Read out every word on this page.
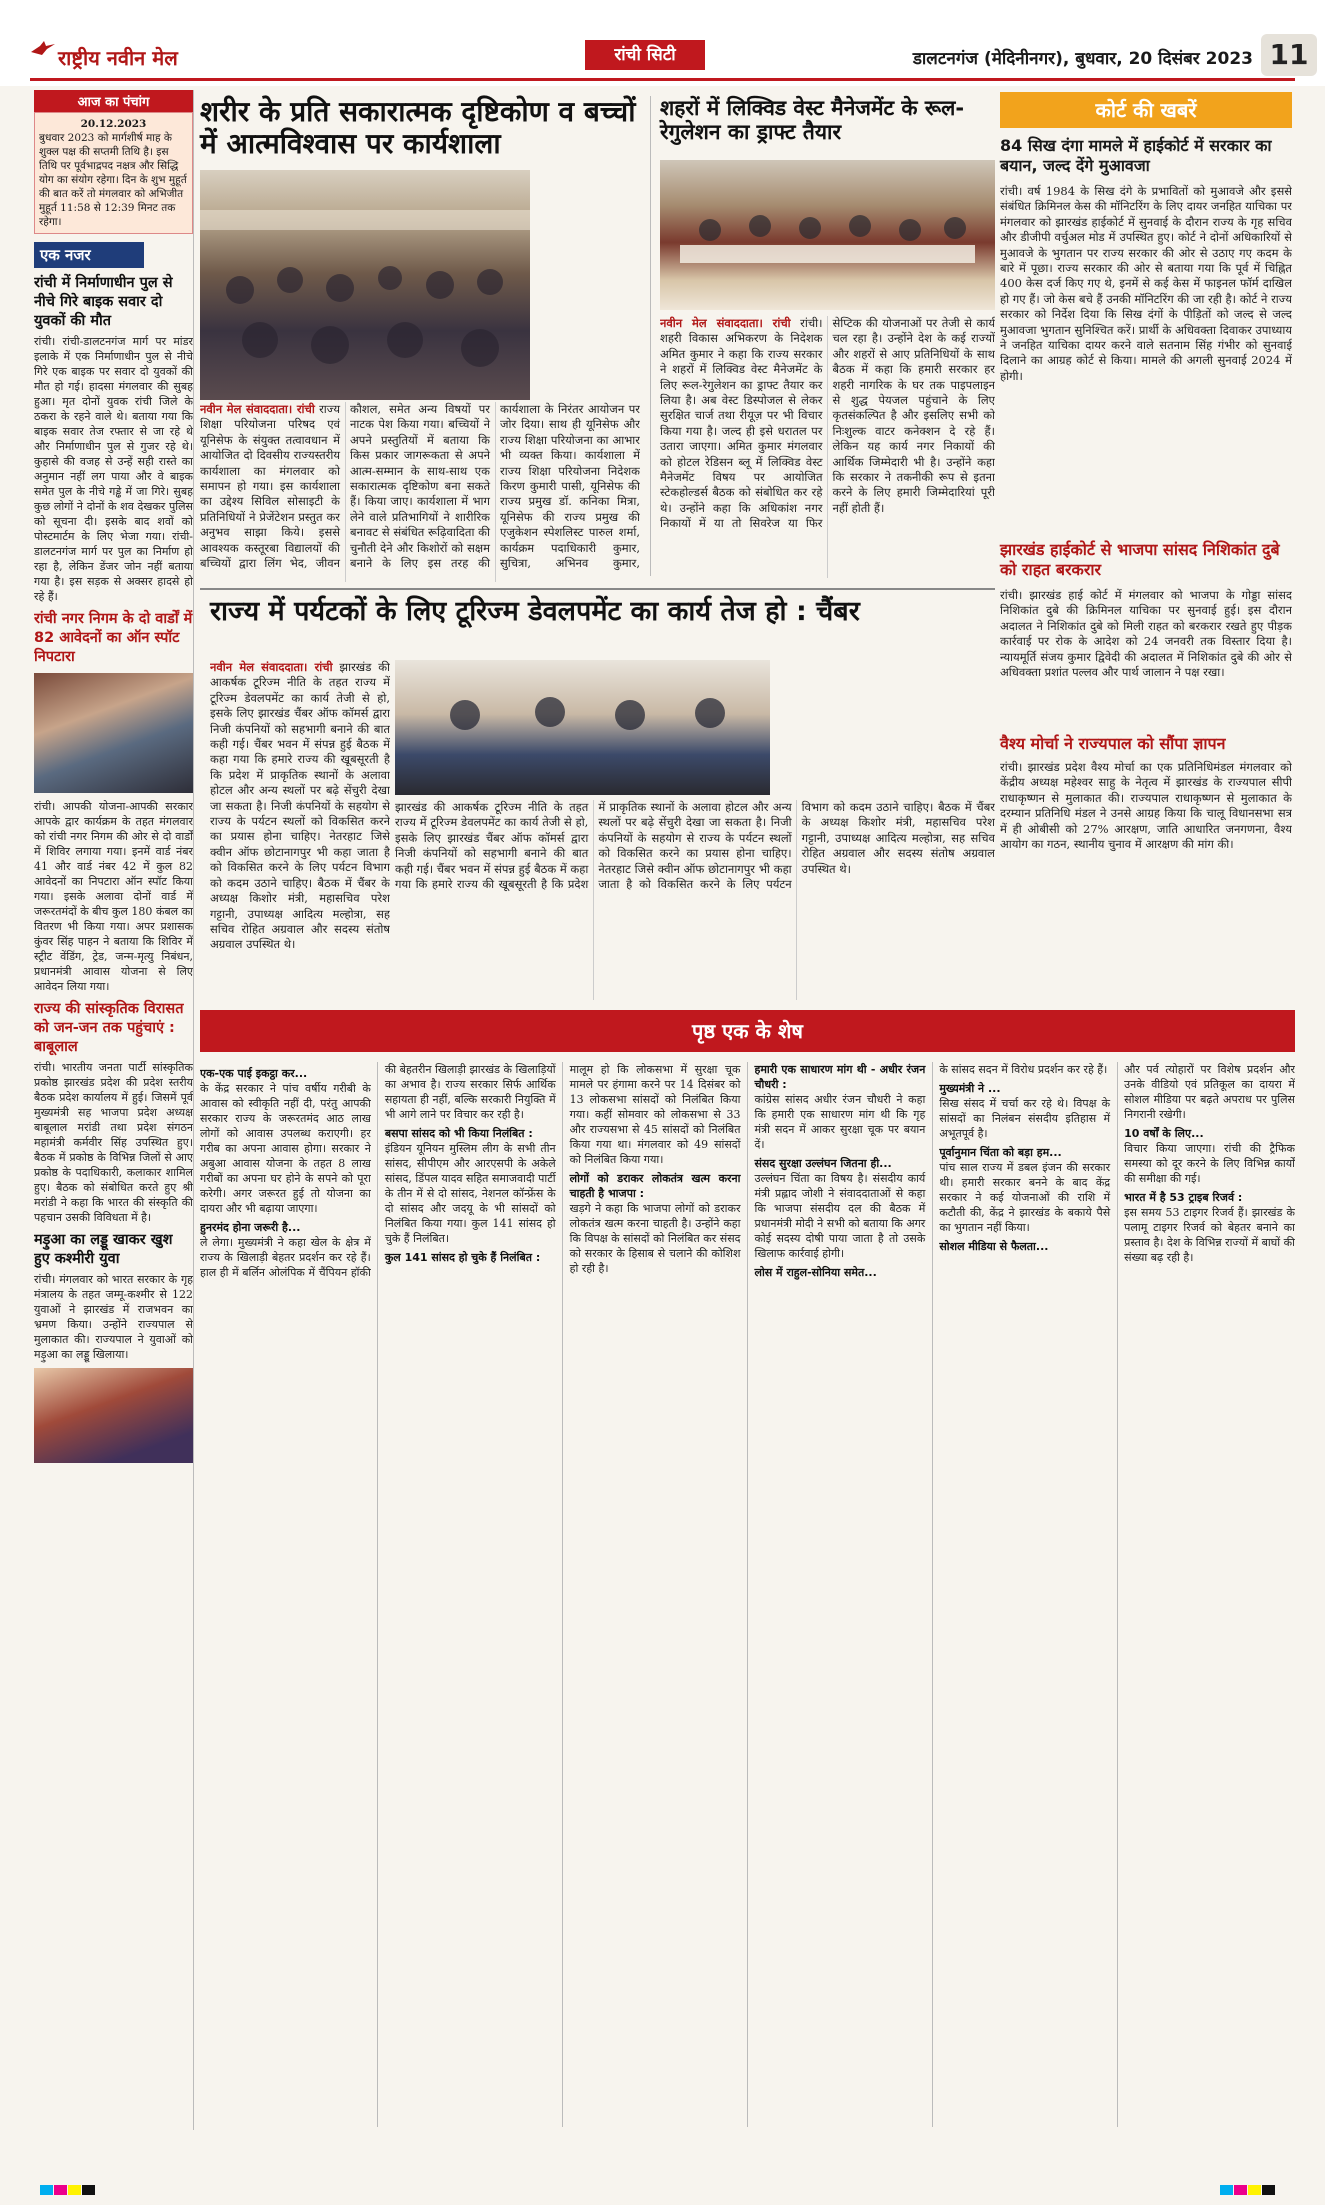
राष्ट्रीय नवीन मेल	रांची सिटी	डालटनगंज (मेदिनीनगर), बुधवार, 20 दिसंबर 2023 11
आज का पंचांग
20.12.2023
बुधवार 2023 को मार्गशीर्ष माह के शुक्ल पक्ष की सप्तमी तिथि है। इस तिथि पर पूर्वभाद्रपद नक्षत्र और सिद्धि योग का संयोग रहेगा। दिन के शुभ मुहूर्त की बात करें तो मंगलवार को अभिजीत मुहूर्त 11:58 से 12:39 मिनट तक रहेगा।
एक नजर
रांची में निर्माणाधीन पुल से नीचे गिरे बाइक सवार दो युवकों की मौत
रांची। रांची-डालटनगंज मार्ग पर मांडर इलाके में एक निर्माणाधीन पुल से नीचे गिरे एक बाइक पर सवार दो युवकों की मौत हो गई। हादसा मंगलवार की सुबह हुआ। मृत दोनों युवक रांची जिले के ठकरा के रहने वाले थे। बताया गया कि बाइक सवार तेज रफ्तार से जा रहे थे और निर्माणाधीन पुल से गुजर रहे थे। कुहासे की वजह से उन्हें सही रास्ते का अनुमान नहीं लग पाया और वे बाइक समेत पुल के नीचे गड्ढे में जा गिरे। सुबह कुछ लोगों ने दोनों के शव देखकर पुलिस को सूचना दी। इसके बाद शवों को पोस्टमार्टम के लिए भेजा गया। रांची-डालटनगंज मार्ग पर पुल का निर्माण हो रहा है, लेकिन डेंजर जोन नहीं बताया गया है। इस सड़क से अक्सर हादसे हो रहे हैं।
रांची नगर निगम के दो वार्डों में 82 आवेदनों का ऑन स्पॉट निपटारा
रांची। आपकी योजना-आपकी सरकार आपके द्वार कार्यक्रम के तहत मंगलवार को रांची नगर निगम की ओर से दो वार्डों में शिविर लगाया गया। इनमें वार्ड नंबर 41 और वार्ड नंबर 42 में कुल 82 आवेदनों का निपटारा ऑन स्पॉट किया गया। इसके अलावा दोनों वार्ड में जरूरतमंदों के बीच कुल 180 कंबल का वितरण भी किया गया। अपर प्रशासक कुंवर सिंह पाहन ने बताया कि शिविर में स्ट्रीट वेंडिंग, ट्रेड, जन्म-मृत्यु निबंधन, प्रधानमंत्री आवास योजना से लिए आवेदन लिया गया।
राज्य की सांस्कृतिक विरासत को जन-जन तक पहुंचाएं : बाबूलाल
रांची। भारतीय जनता पार्टी सांस्कृतिक प्रकोष्ठ झारखंड प्रदेश की प्रदेश स्तरीय बैठक प्रदेश कार्यालय में हुई। जिसमें पूर्व मुख्यमंत्री सह भाजपा प्रदेश अध्यक्ष बाबूलाल मरांडी तथा प्रदेश संगठन महामंत्री कर्मवीर सिंह उपस्थित हुए। बैठक में प्रकोष्ठ के विभिन्न जिलों से आए प्रकोष्ठ के पदाधिकारी, कलाकार शामिल हुए। बैठक को संबोधित करते हुए श्री मरांडी ने कहा कि भारत की संस्कृति की पहचान उसकी विविधता में है।
मड़ुआ का लड्डू खाकर खुश हुए कश्मीरी युवा
रांची। मंगलवार को भारत सरकार के गृह मंत्रालय के तहत जम्मू-कश्मीर से 122 युवाओं ने झारखंड में राजभवन का भ्रमण किया। उन्होंने राज्यपाल से मुलाकात की। राज्यपाल ने युवाओं को मड़ुआ का लड्डू खिलाया।
शरीर के प्रति सकारात्मक दृष्टिकोण व बच्चों में आत्मविश्वास पर कार्यशाला

नवीन मेल संवाददाता। रांची राज्य शिक्षा परियोजना परिषद एवं यूनिसेफ के संयुक्त तत्वावधान में आयोजित दो दिवसीय राज्यस्तरीय कार्यशाला का मंगलवार को समापन हो गया। इस कार्यशाला का उद्देश्य सिविल सोसाइटी के प्रतिनिधियों ने प्रेजेंटेशन प्रस्तुत कर अनुभव साझा किये। इससे आवश्यक कस्तूरबा विद्यालयों की बच्चियों द्वारा लिंग भेद, जीवन कौशल, समेत अन्य विषयों पर नाटक पेश किया गया। बच्चियों ने अपने प्रस्तुतियों में बताया कि किस प्रकार जागरूकता से अपने आत्म-सम्मान के साथ-साथ एक सकारात्मक दृष्टिकोण बना सकते हैं। किया जाए। कार्यशाला में भाग लेने वाले प्रतिभागियों ने शारीरिक बनावट से संबंधित रूढ़िवादिता की चुनौती देने और किशोरों को सक्षम बनाने के लिए इस तरह की कार्यशाला के निरंतर आयोजन पर जोर दिया। साथ ही यूनिसेफ और राज्य शिक्षा परियोजना का आभार भी व्यक्त किया। कार्यशाला में राज्य शिक्षा परियोजना निदेशक किरण कुमारी पासी, यूनिसेफ की राज्य प्रमुख डॉ. कनिका मित्रा, यूनिसेफ की राज्य प्रमुख की एजुकेशन स्पेशलिस्ट पारुल शर्मा, कार्यक्रम पदाधिकारी कुमार, सुचित्रा, अभिनव कुमार,

शहरों में लिक्विड वेस्ट मैनेजमेंट के रूल-रेगुलेशन का ड्राफ्ट तैयार

नवीन मेल संवाददाता। रांची रांची। शहरी विकास अभिकरण के निदेशक अमित कुमार ने कहा कि राज्य सरकार ने शहरों में लिक्विड वेस्ट मैनेजमेंट के लिए रूल-रेगुलेशन का ड्राफ्ट तैयार कर लिया है। अब वेस्ट डिस्पोजल से लेकर सुरक्षित चार्ज तथा रीयूज़ पर भी विचार किया गया है। जल्द ही इसे धरातल पर उतारा जाएगा। अमित कुमार मंगलवार को होटल रेडिसन ब्लू में लिक्विड वेस्ट मैनेजमेंट विषय पर आयोजित स्टेकहोल्डर्स बैठक को संबोधित कर रहे थे। उन्होंने कहा कि अधिकांश नगर निकायों में या तो सिवरेज या फिर सेप्टिक की योजनाओं पर तेजी से कार्य चल रहा है। उन्होंने देश के कई राज्यों और शहरों से आए प्रतिनिधियों के साथ बैठक में कहा कि हमारी सरकार हर शहरी नागरिक के घर तक पाइपलाइन से शुद्ध पेयजल पहुंचाने के लिए कृतसंकल्पित है और इसलिए सभी को निःशुल्क वाटर कनेक्शन दे रहे हैं। लेकिन यह कार्य नगर निकायों की आर्थिक जिम्मेदारी भी है। उन्होंने कहा कि सरकार ने तकनीकी रूप से इतना करने के लिए हमारी जिम्मेदारियां पूरी नहीं होती हैं।

राज्य में पर्यटकों के लिए टूरिज्म डेवलपमेंट का कार्य तेज हो : चैंबर

नवीन मेल संवाददाता। रांची झारखंड की आकर्षक टूरिज्म नीति के तहत राज्य में टूरिज्म डेवलपमेंट का कार्य तेजी से हो, इसके लिए झारखंड चैंबर ऑफ कॉमर्स द्वारा निजी कंपनियों को सहभागी बनाने की बात कही गई। चैंबर भवन में संपन्न हुई बैठक में कहा गया कि हमारे राज्य की खूबसूरती है कि प्रदेश में प्राकृतिक स्थानों के अलावा होटल और अन्य स्थलों पर बढ़े सेंचुरी देखा जा सकता है। निजी कंपनियों के सहयोग से राज्य के पर्यटन स्थलों को विकसित करने का प्रयास होना चाहिए। नेतरहाट जिसे क्वीन ऑफ छोटानागपुर भी कहा जाता है को विकसित करने के लिए पर्यटन विभाग को कदम उठाने चाहिए। बैठक में चैंबर के अध्यक्ष किशोर मंत्री, महासचिव परेश गट्टानी, उपाध्यक्ष आदित्य मल्होत्रा, सह सचिव रोहित अग्रवाल और सदस्य संतोष अग्रवाल उपस्थित थे।

झारखंड की आकर्षक टूरिज्म नीति के तहत राज्य में टूरिज्म डेवलपमेंट का कार्य तेजी से हो, इसके लिए झारखंड चैंबर ऑफ कॉमर्स द्वारा निजी कंपनियों को सहभागी बनाने की बात कही गई। चैंबर भवन में संपन्न हुई बैठक में कहा गया कि हमारे राज्य की खूबसूरती है कि प्रदेश में प्राकृतिक स्थानों के अलावा होटल और अन्य स्थलों पर बढ़े सेंचुरी देखा जा सकता है। निजी कंपनियों के सहयोग से राज्य के पर्यटन स्थलों को विकसित करने का प्रयास होना चाहिए। नेतरहाट जिसे क्वीन ऑफ छोटानागपुर भी कहा जाता है को विकसित करने के लिए पर्यटन विभाग को कदम उठाने चाहिए। बैठक में चैंबर के अध्यक्ष किशोर मंत्री, महासचिव परेश गट्टानी, उपाध्यक्ष आदित्य मल्होत्रा, सह सचिव रोहित अग्रवाल और सदस्य संतोष अग्रवाल उपस्थित थे।

कोर्ट की खबरें
84 सिख दंगा मामले में हाईकोर्ट में सरकार का बयान, जल्द देंगे मुआवजा
रांची। वर्ष 1984 के सिख दंगे के प्रभावितों को मुआवजे और इससे संबंधित क्रिमिनल केस की मॉनिटरिंग के लिए दायर जनहित याचिका पर मंगलवार को झारखंड हाईकोर्ट में सुनवाई के दौरान राज्य के गृह सचिव और डीजीपी वर्चुअल मोड में उपस्थित हुए। कोर्ट ने दोनों अधिकारियों से मुआवजे के भुगतान पर राज्य सरकार की ओर से उठाए गए कदम के बारे में पूछा। राज्य सरकार की ओर से बताया गया कि पूर्व में चिह्नित 400 केस दर्ज किए गए थे, इनमें से कई केस में फाइनल फॉर्म दाखिल हो गए हैं। जो केस बचे हैं उनकी मॉनिटरिंग की जा रही है। कोर्ट ने राज्य सरकार को निर्देश दिया कि सिख दंगों के पीड़ितों को जल्द से जल्द मुआवजा भुगतान सुनिश्चित करें। प्रार्थी के अधिवक्ता दिवाकर उपाध्याय ने जनहित याचिका दायर करने वाले सतनाम सिंह गंभीर को सुनवाई दिलाने का आग्रह कोर्ट से किया। मामले की अगली सुनवाई 2024 में होगी।
झारखंड हाईकोर्ट से भाजपा सांसद निशिकांत दुबे को राहत बरकरार
रांची। झारखंड हाई कोर्ट में मंगलवार को भाजपा के गोड्डा सांसद निशिकांत दुबे की क्रिमिनल याचिका पर सुनवाई हुई। इस दौरान अदालत ने निशिकांत दुबे को मिली राहत को बरकरार रखते हुए पीड़क कार्रवाई पर रोक के आदेश को 24 जनवरी तक विस्तार दिया है। न्यायमूर्ति संजय कुमार द्विवेदी की अदालत में निशिकांत दुबे की ओर से अधिवक्ता प्रशांत पल्लव और पार्थ जालान ने पक्ष रखा।
वैश्य मोर्चा ने राज्यपाल को सौंपा ज्ञापन
रांची। झारखंड प्रदेश वैश्य मोर्चा का एक प्रतिनिधिमंडल मंगलवार को केंद्रीय अध्यक्ष महेश्वर साहु के नेतृत्व में झारखंड के राज्यपाल सीपी राधाकृष्णन से मुलाकात की। राज्यपाल राधाकृष्णन से मुलाकात के दरम्यान प्रतिनिधि मंडल ने उनसे आग्रह किया कि चालू विधानसभा सत्र में ही ओबीसी को 27% आरक्षण, जाति आधारित जनगणना, वैश्य आयोग का गठन, स्थानीय चुनाव में आरक्षण की मांग की।
पृष्ठ एक के शेष
एक-एक पाई इकट्ठा कर...
के केंद्र सरकार ने पांच वर्षीय गरीबी के आवास को स्वीकृति नहीं दी, परंतु आपकी सरकार राज्य के जरूरतमंद आठ लाख लोगों को आवास उपलब्ध कराएगी। हर गरीब का अपना आवास होगा। सरकार ने अबुआ आवास योजना के तहत 8 लाख गरीबों का अपना घर होने के सपने को पूरा करेगी। अगर जरूरत हुई तो योजना का दायरा और भी बढ़ाया जाएगा।
हुनरमंद होना जरूरी है...
ले लेगा। मुख्यमंत्री ने कहा खेल के क्षेत्र में राज्य के खिलाड़ी बेहतर प्रदर्शन कर रहे हैं। हाल ही में बर्लिन ओलंपिक में चैंपियन हॉकी की बेहतरीन खिलाड़ी झारखंड के खिलाड़ियों का अभाव है। राज्य सरकार सिर्फ आर्थिक सहायता ही नहीं, बल्कि सरकारी नियुक्ति में भी आगे लाने पर विचार कर रही है।
बसपा सांसद को भी किया निलंबित :
इंडियन यूनियन मुस्लिम लीग के सभी तीन सांसद, सीपीएम और आरएसपी के अकेले सांसद, डिंपल यादव सहित समाजवादी पार्टी के तीन में से दो सांसद, नेशनल कॉन्फ्रेंस के दो सांसद और जदयू के भी सांसदों को निलंबित किया गया। कुल 141 सांसद हो चुके हैं निलंबित।
कुल 141 सांसद हो चुके हैं निलंबित :
मालूम हो कि लोकसभा में सुरक्षा चूक मामले पर हंगामा करने पर 14 दिसंबर को 13 लोकसभा सांसदों को निलंबित किया गया। कहीं सोमवार को लोकसभा से 33 और राज्यसभा से 45 सांसदों को निलंबित किया गया था। मंगलवार को 49 सांसदों को निलंबित किया गया।
लोगों को डराकर लोकतंत्र खत्म करना चाहती है भाजपा :
खड़गे ने कहा कि भाजपा लोगों को डराकर लोकतंत्र खत्म करना चाहती है। उन्होंने कहा कि विपक्ष के सांसदों को निलंबित कर संसद को सरकार के हिसाब से चलाने की कोशिश हो रही है।
हमारी एक साधारण मांग थी - अधीर रंजन चौधरी :
कांग्रेस सांसद अधीर रंजन चौधरी ने कहा कि हमारी एक साधारण मांग थी कि गृह मंत्री सदन में आकर सुरक्षा चूक पर बयान दें।
संसद सुरक्षा उल्लंघन जितना ही...
उल्लंघन चिंता का विषय है। संसदीय कार्य मंत्री प्रह्लाद जोशी ने संवाददाताओं से कहा कि भाजपा संसदीय दल की बैठक में प्रधानमंत्री मोदी ने सभी को बताया कि अगर कोई सदस्य दोषी पाया जाता है तो उसके खिलाफ कार्रवाई होगी।
लोस में राहुल-सोनिया समेत...
के सांसद सदन में विरोध प्रदर्शन कर रहे हैं।
मुख्यमंत्री ने ...
सिख संसद में चर्चा कर रहे थे। विपक्ष के सांसदों का निलंबन संसदीय इतिहास में अभूतपूर्व है।
पूर्वानुमान चिंता को बड़ा हम...
पांच साल राज्य में डबल इंजन की सरकार थी। हमारी सरकार बनने के बाद केंद्र सरकार ने कई योजनाओं की राशि में कटौती की, केंद्र ने झारखंड के बकाये पैसे का भुगतान नहीं किया।
सोशल मीडिया से फैलता...
और पर्व त्योहारों पर विशेष प्रदर्शन और उनके वीडियो एवं प्रतिकूल का दायरा में सोशल मीडिया पर बढ़ते अपराध पर पुलिस निगरानी रखेगी।
10 वर्षों के लिए...
विचार किया जाएगा। रांची की ट्रैफिक समस्या को दूर करने के लिए विभिन्न कार्यों की समीक्षा की गई।
भारत में है 53 ट्राइब रिजर्व :
इस समय 53 टाइगर रिजर्व हैं। झारखंड के पलामू टाइगर रिजर्व को बेहतर बनाने का प्रस्ताव है। देश के विभिन्न राज्यों में बाघों की संख्या बढ़ रही है।
